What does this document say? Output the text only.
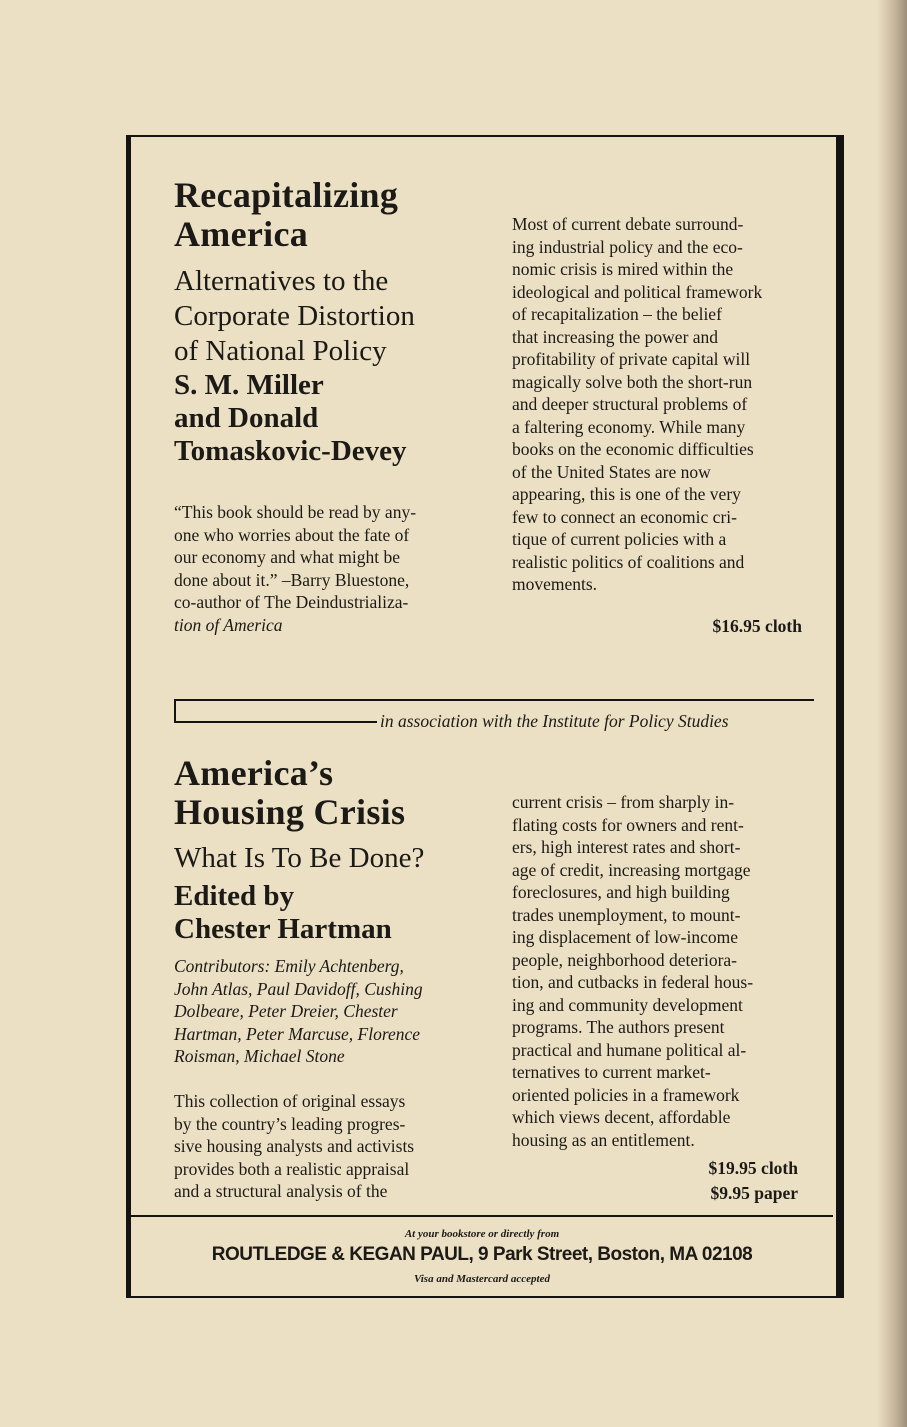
Recapitalizing
America
Alternatives to the
Corporate Distortion
of National Policy
S. M. Miller
and Donald
Tomaskovic-Devey
“This book should be read by any-
one who worries about the fate of
our economy and what might be
done about it.” –Barry Bluestone,
co-author of The Deindustrializa-
tion of America
Most of current debate surround-
ing industrial policy and the eco-
nomic crisis is mired within the
ideological and political framework
of recapitalization – the belief
that increasing the power and
profitability of private capital will
magically solve both the short-run
and deeper structural problems of
a faltering economy. While many
books on the economic difficulties
of the United States are now
appearing, this is one of the very
few to connect an economic cri-
tique of current policies with a
realistic politics of coalitions and
movements.
$16.95 cloth
in association with the Institute for Policy Studies
America’s
Housing Crisis
What Is To Be Done?
Edited by
Chester Hartman
Contributors: Emily Achtenberg,
John Atlas, Paul Davidoff, Cushing
Dolbeare, Peter Dreier, Chester
Hartman, Peter Marcuse, Florence
Roisman, Michael Stone
This collection of original essays
by the country’s leading progres-
sive housing analysts and activists
provides both a realistic appraisal
and a structural analysis of the
current crisis – from sharply in-
flating costs for owners and rent-
ers, high interest rates and short-
age of credit, increasing mortgage
foreclosures, and high building
trades unemployment, to mount-
ing displacement of low-income
people, neighborhood deteriora-
tion, and cutbacks in federal hous-
ing and community development
programs. The authors present
practical and humane political al-
ternatives to current market-
oriented policies in a framework
which views decent, affordable
housing as an entitlement.
$19.95 cloth
$9.95 paper
At your bookstore or directly from
ROUTLEDGE & KEGAN PAUL, 9 Park Street, Boston, MA 02108
Visa and Mastercard accepted
